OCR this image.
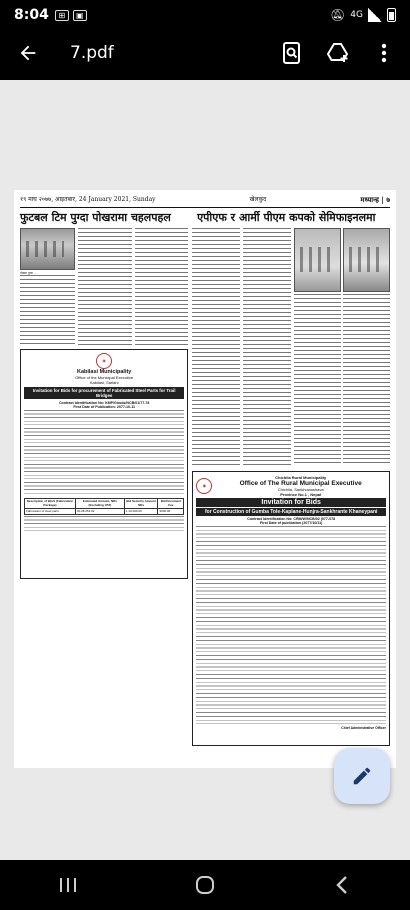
8:04	⊞	▣	🔕︎ 4G
7.pdf
१९ माघ २०७७, आइतबार, 24 January 2021, Sunday	खेलकुद	मध्यान्ह | ७
फुटबल टिम पुग्दा पोखरामा चहलपहल	एपीएफ र आर्मी पीएम कपको सेमिफाइनलमा
पोखरा पुग्दा ...
◉
Kabilasi Municipality
Office of the Municipal Executive
Kabilasi, Sarlahi
Invitation for Bids for procurement of Fabricated Steel Parts for Trail Bridges
Contract Identification No: KMP/Goods/NCB/01/77-78
First Date of Publication: 2077-10-11
Description of Work (Fabrication Package)	Estimated Amount, NRs (Excluding VAT)	Bid Security Amount NRs	Bid Document Fee
Fabrication of steel parts	40,28,253.02	1,10,000.00	3000.00
◉
Chichila Rural Municipality
Office of The Rural Municipal Executive
Chichila, Sankhuwashava
Province No.1 , Nepal
Invitation for Bids
for Construction of Gumba Tole-Kaplane-Hunjra-Sankhrante Khaneypani
Contract Identification No: CRM/W/NCB/02 (077-078
First Date of publication (2077/10/11)
Chief Administrative Officer
